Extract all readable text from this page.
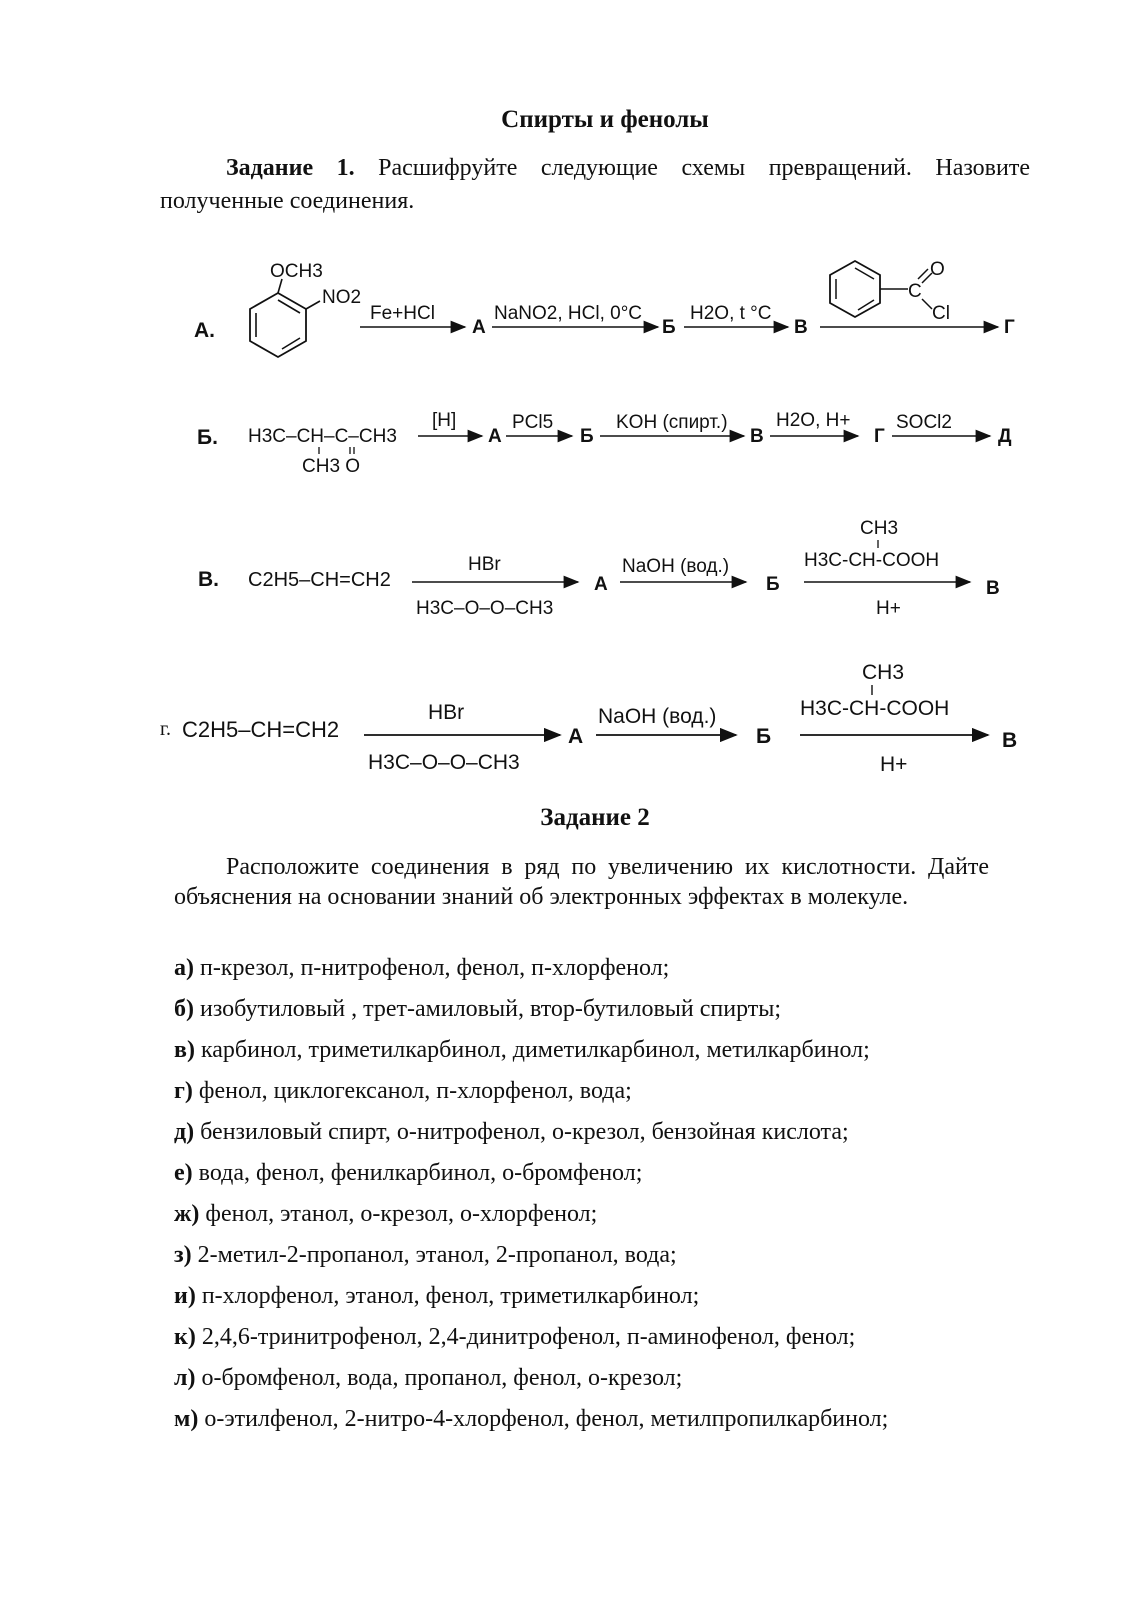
Спирты и фенолы
Задание 1. Расшифруйте следующие схемы превращений. Назовите полученные соединения.
А.
OCH3
NO2
Fe+HCl
А
NaNO2, HCl, 0°C
Б
H2O, t °C
В
C
O
Cl
Г
Б. H3C–CH–C–CH3
CH3 O
[H]
А
PCl5
Б
KOH (спирт.)
В
H2O, H+
Г
SOCl2
Д
В. C2H5–CH=CH2
HBr
H3C–O–O–CH3
А
NaOH (вод.)
Б
CH3
H3C-CH-COOH
H+
В
г. C2H5–CH=CH2
HBr
H3C–O–O–CH3
А
NaOH (вод.)
Б
CH3
H3C-CH-COOH
H+
В
Задание 2
Расположите соединения в ряд по увеличению их кислотности. Дайте объяснения на основании знаний об электронных эффектах в молекуле.
а) п-крезол, п-нитрофенол, фенол, п-хлорфенол;
б) изобутиловый , трет-амиловый, втор-бутиловый спирты;
в) карбинол, триметилкарбинол, диметилкарбинол, метилкарбинол;
г) фенол, циклогексанол, п-хлорфенол, вода;
д) бензиловый спирт, о-нитрофенол, о-крезол, бензойная кислота;
е) вода, фенол, фенилкарбинол, о-бромфенол;
ж) фенол, этанол, о-крезол, о-хлорфенол;
з) 2-метил-2-пропанол, этанол, 2-пропанол, вода;
и) п-хлорфенол, этанол, фенол, триметилкарбинол;
к) 2,4,6-тринитрофенол, 2,4-динитрофенол, п-аминофенол, фенол;
л) о-бромфенол, вода, пропанол, фенол, о-крезол;
м) о-этилфенол, 2-нитро-4-хлорфенол, фенол, метилпропилкарбинол;
